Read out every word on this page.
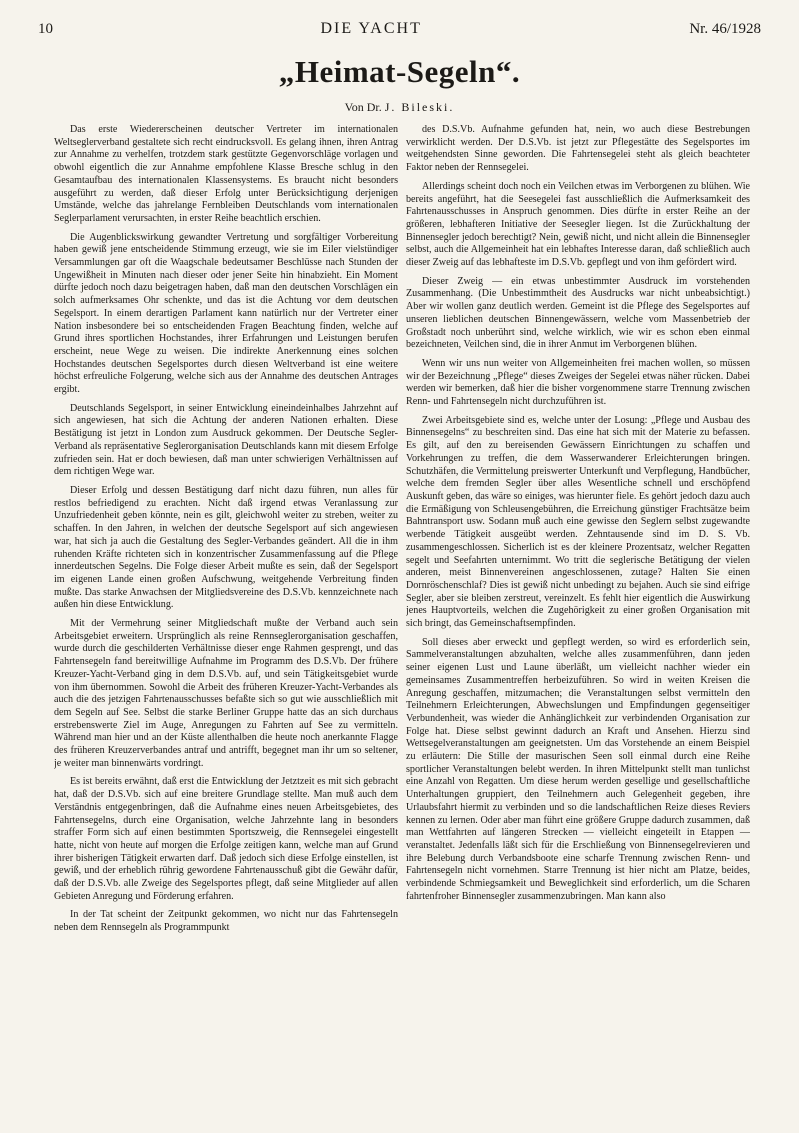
10	DIE YACHT	Nr. 46/1928
„Heimat-Segeln“.
Von Dr. J. Bileski.

Das erste Wiedererscheinen deutscher Vertreter im internationalen Weltseglerverband gestaltete sich recht eindrucksvoll. Es gelang ihnen, ihren Antrag zur Annahme zu verhelfen, trotzdem stark gestützte Gegenvorschläge vorlagen und obwohl eigentlich die zur Annahme empfohlene Klasse Bresche schlug in den Gesamtaufbau des internationalen Klassensystems. Es braucht nicht besonders ausgeführt zu werden, daß dieser Erfolg unter Berücksichtigung derjenigen Umstände, welche das jahrelange Fernbleiben Deutschlands vom internationalen Seglerparlament verursachten, in erster Reihe beachtlich erschien.

Die Augenblickswirkung gewandter Vertretung und sorgfältiger Vorbereitung haben gewiß jene entscheidende Stimmung erzeugt, wie sie im Eiler vielstündiger Versammlungen gar oft die Waagschale bedeutsamer Beschlüsse nach Stunden der Ungewißheit in Minuten nach dieser oder jener Seite hin hinabzieht. Ein Moment dürfte jedoch noch dazu beigetragen haben, daß man den deutschen Vorschlägen ein solch aufmerksames Ohr schenkte, und das ist die Achtung vor dem deutschen Segelsport. In einem derartigen Parlament kann natürlich nur der Vertreter einer Nation insbesondere bei so entscheidenden Fragen Beachtung finden, welche auf Grund ihres sportlichen Hochstandes, ihrer Erfahrungen und Leistungen berufen erscheint, neue Wege zu weisen. Die indirekte Anerkennung eines solchen Hochstandes deutschen Segelsportes durch diesen Weltverband ist eine weitere höchst erfreuliche Folgerung, welche sich aus der Annahme des deutschen Antrages ergibt.

Deutschlands Segelsport, in seiner Entwicklung eineindeinhalbes Jahrzehnt auf sich angewiesen, hat sich die Achtung der anderen Nationen erhalten. Diese Bestätigung ist jetzt in London zum Ausdruck gekommen. Der Deutsche Segler-Verband als repräsentative Seglerorganisation Deutschlands kann mit diesem Erfolge zufrieden sein. Hat er doch bewiesen, daß man unter schwierigen Verhältnissen auf dem richtigen Wege war.

Dieser Erfolg und dessen Bestätigung darf nicht dazu führen, nun alles für restlos befriedigend zu erachten. Nicht daß irgend etwas Veranlassung zur Unzufriedenheit geben könnte, nein es gilt, gleichwohl weiter zu streben, weiter zu schaffen. In den Jahren, in welchen der deutsche Segelsport auf sich angewiesen war, hat sich ja auch die Gestaltung des Segler-Verbandes geändert. All die in ihm ruhenden Kräfte richteten sich in konzentrischer Zusammenfassung auf die Pflege innerdeutschen Segelns. Die Folge dieser Arbeit mußte es sein, daß der Segelsport im eigenen Lande einen großen Aufschwung, weitgehende Verbreitung finden mußte. Das starke Anwachsen der Mitgliedsvereine des D.S.Vb. kennzeichnete nach außen hin diese Entwicklung.

Mit der Vermehrung seiner Mitgliedschaft mußte der Verband auch sein Arbeitsgebiet erweitern. Ursprünglich als reine Rennseglerorganisation geschaffen, wurde durch die geschilderten Verhältnisse dieser enge Rahmen gesprengt, und das Fahrtensegeln fand bereitwillige Aufnahme im Programm des D.S.Vb. Der frühere Kreuzer-Yacht-Verband ging in dem D.S.Vb. auf, und sein Tätigkeitsgebiet wurde von ihm übernommen. Sowohl die Arbeit des früheren Kreuzer-Yacht-Verbandes als auch die des jetzigen Fahrtenausschusses befaßte sich so gut wie ausschließlich mit dem Segeln auf See. Selbst die starke Berliner Gruppe hatte das an sich durchaus erstrebenswerte Ziel im Auge, Anregungen zu Fahrten auf See zu vermitteln. Während man hier und an der Küste allenthalben die heute noch anerkannte Flagge des früheren Kreuzerverbandes antraf und antrifft, begegnet man ihr um so seltener, je weiter man binnenwärts vordringt.

Es ist bereits erwähnt, daß erst die Entwicklung der Jetztzeit es mit sich gebracht hat, daß der D.S.Vb. sich auf eine breitere Grundlage stellte. Man muß auch dem Verständnis entgegenbringen, daß die Aufnahme eines neuen Arbeitsgebietes, des Fahrtensegelns, durch eine Organisation, welche Jahrzehnte lang in besonders straffer Form sich auf einen bestimmten Sportszweig, die Rennsegelei eingestellt hatte, nicht von heute auf morgen die Erfolge zeitigen kann, welche man auf Grund ihrer bisherigen Tätigkeit erwarten darf. Daß jedoch sich diese Erfolge einstellen, ist gewiß, und der erheblich rührig gewordene Fahrtenausschuß gibt die Gewähr dafür, daß der D.S.Vb. alle Zweige des Segelsportes pflegt, daß seine Mitglieder auf allen Gebieten Anregung und Förderung erfahren.

In der Tat scheint der Zeitpunkt gekommen, wo nicht nur das Fahrtensegeln neben dem Rennsegeln als Programmpunkt

des D.S.Vb. Aufnahme gefunden hat, nein, wo auch diese Bestrebungen verwirklicht werden. Der D.S.Vb. ist jetzt zur Pflegestätte des Segelsportes im weitgehendsten Sinne geworden. Die Fahrtensegelei steht als gleich beachteter Faktor neben der Rennsegelei.

Allerdings scheint doch noch ein Veilchen etwas im Verborgenen zu blühen. Wie bereits angeführt, hat die Seesegelei fast ausschließlich die Aufmerksamkeit des Fahrtenausschusses in Anspruch genommen. Dies dürfte in erster Reihe an der größeren, lebhafteren Initiative der Seesegler liegen. Ist die Zurückhaltung der Binnensegler jedoch berechtigt? Nein, gewiß nicht, und nicht allein die Binnensegler selbst, auch die Allgemeinheit hat ein lebhaftes Interesse daran, daß schließlich auch dieser Zweig auf das lebhafteste im D.S.Vb. gepflegt und von ihm gefördert wird.

Dieser Zweig — ein etwas unbestimmter Ausdruck im vorstehenden Zusammenhang. (Die Unbestimmtheit des Ausdrucks war nicht unbeabsichtigt.) Aber wir wollen ganz deutlich werden. Gemeint ist die Pflege des Segelsportes auf unseren lieblichen deutschen Binnengewässern, welche vom Massenbetrieb der Großstadt noch unberührt sind, welche wirklich, wie wir es schon eben einmal bezeichneten, Veilchen sind, die in ihrer Anmut im Verborgenen blühen.

Wenn wir uns nun weiter von Allgemeinheiten frei machen wollen, so müssen wir der Bezeichnung „Pflege“ dieses Zweiges der Segelei etwas näher rücken. Dabei werden wir bemerken, daß hier die bisher vorgenommene starre Trennung zwischen Renn- und Fahrtensegeln nicht durchzuführen ist.

Zwei Arbeitsgebiete sind es, welche unter der Losung: „Pflege und Ausbau des Binnensegelns“ zu beschreiten sind. Das eine hat sich mit der Materie zu befassen. Es gilt, auf den zu bereisenden Gewässern Einrichtungen zu schaffen und Vorkehrungen zu treffen, die dem Wasserwanderer Erleichterungen bringen. Schutzhäfen, die Vermittelung preiswerter Unterkunft und Verpflegung, Handbücher, welche dem fremden Segler über alles Wesentliche schnell und erschöpfend Auskunft geben, das wäre so einiges, was hierunter fiele. Es gehört jedoch dazu auch die Ermäßigung von Schleusengebühren, die Erreichung günstiger Frachtsätze beim Bahntransport usw. Sodann muß auch eine gewisse den Seglern selbst zugewandte werbende Tätigkeit ausgeübt werden. Zehntausende sind im D. S. Vb. zusammengeschlossen. Sicherlich ist es der kleinere Prozentsatz, welcher Regatten segelt und Seefahrten unternimmt. Wo tritt die seglerische Betätigung der vielen anderen, meist Binnenvereinen angeschlossenen, zutage? Halten Sie einen Dornröschenschlaf? Dies ist gewiß nicht unbedingt zu bejahen. Auch sie sind eifrige Segler, aber sie bleiben zerstreut, vereinzelt. Es fehlt hier eigentlich die Auswirkung jenes Hauptvorteils, welchen die Zugehörigkeit zu einer großen Organisation mit sich bringt, das Gemeinschaftsempfinden.

Soll dieses aber erweckt und gepflegt werden, so wird es erforderlich sein, Sammelveranstaltungen abzuhalten, welche alles zusammenführen, dann jeden seiner eigenen Lust und Laune überläßt, um vielleicht nachher wieder ein gemeinsames Zusammentreffen herbeizuführen. So wird in weiten Kreisen die Anregung geschaffen, mitzumachen; die Veranstaltungen selbst vermitteln den Teilnehmern Erleichterungen, Abwechslungen und Empfindungen gegenseitiger Verbundenheit, was wieder die Anhänglichkeit zur verbindenden Organisation zur Folge hat. Diese selbst gewinnt dadurch an Kraft und Ansehen. Hierzu sind Wettsegelveranstaltungen am geeignetsten. Um das Vorstehende an einem Beispiel zu erläutern: Die Stille der masurischen Seen soll einmal durch eine Reihe sportlicher Veranstaltungen belebt werden. In ihren Mittelpunkt stellt man tunlichst eine Anzahl von Regatten. Um diese herum werden gesellige und gesellschaftliche Unterhaltungen gruppiert, den Teilnehmern auch Gelegenheit gegeben, ihre Urlaubsfahrt hiermit zu verbinden und so die landschaftlichen Reize dieses Reviers kennen zu lernen. Oder aber man führt eine größere Gruppe dadurch zusammen, daß man Wettfahrten auf längeren Strecken — vielleicht eingeteilt in Etappen — veranstaltet. Jedenfalls läßt sich für die Erschließung von Binnensegelrevieren und ihre Belebung durch Verbandsboote eine scharfe Trennung zwischen Renn- und Fahrtensegeln nicht vornehmen. Starre Trennung ist hier nicht am Platze, beides, verbindende Schmiegsamkeit und Beweglichkeit sind erforderlich, um die Scharen fahrtenfroher Binnensegler zusammenzubringen. Man kann also
